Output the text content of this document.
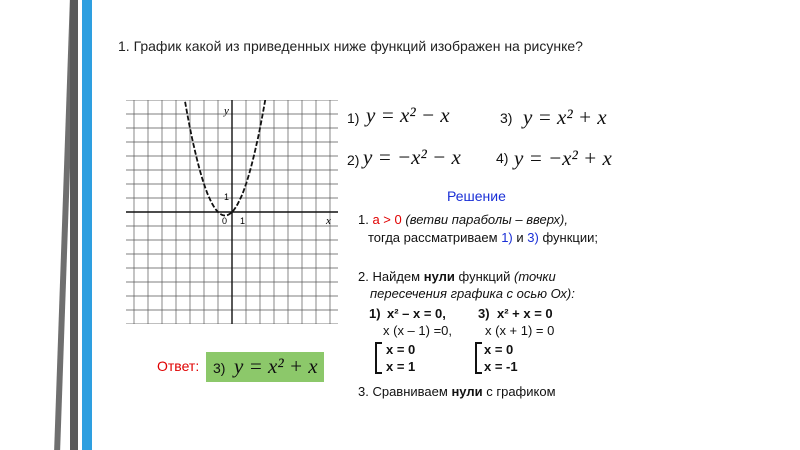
1. График какой из приведенных ниже функций изображен на рисунке?
y
x
0 1
1
1) y = x² − x	3) y = x² + x
2) y = −x² − x	4) y = −x² + x
Решение
1. a > 0 (ветви параболы – вверх),
тогда рассматриваем 1) и 3) функции;
2. Найдем нули функций (точки
пересечения графика с осью Ох):
1) x² – x = 0,
x (x – 1) =0,
x = 0
x = 1
3) x² + x = 0
x (x + 1) = 0
x = 0
x = -1
3. Сравниваем нули с графиком
Ответ: 3) y = x² + x
